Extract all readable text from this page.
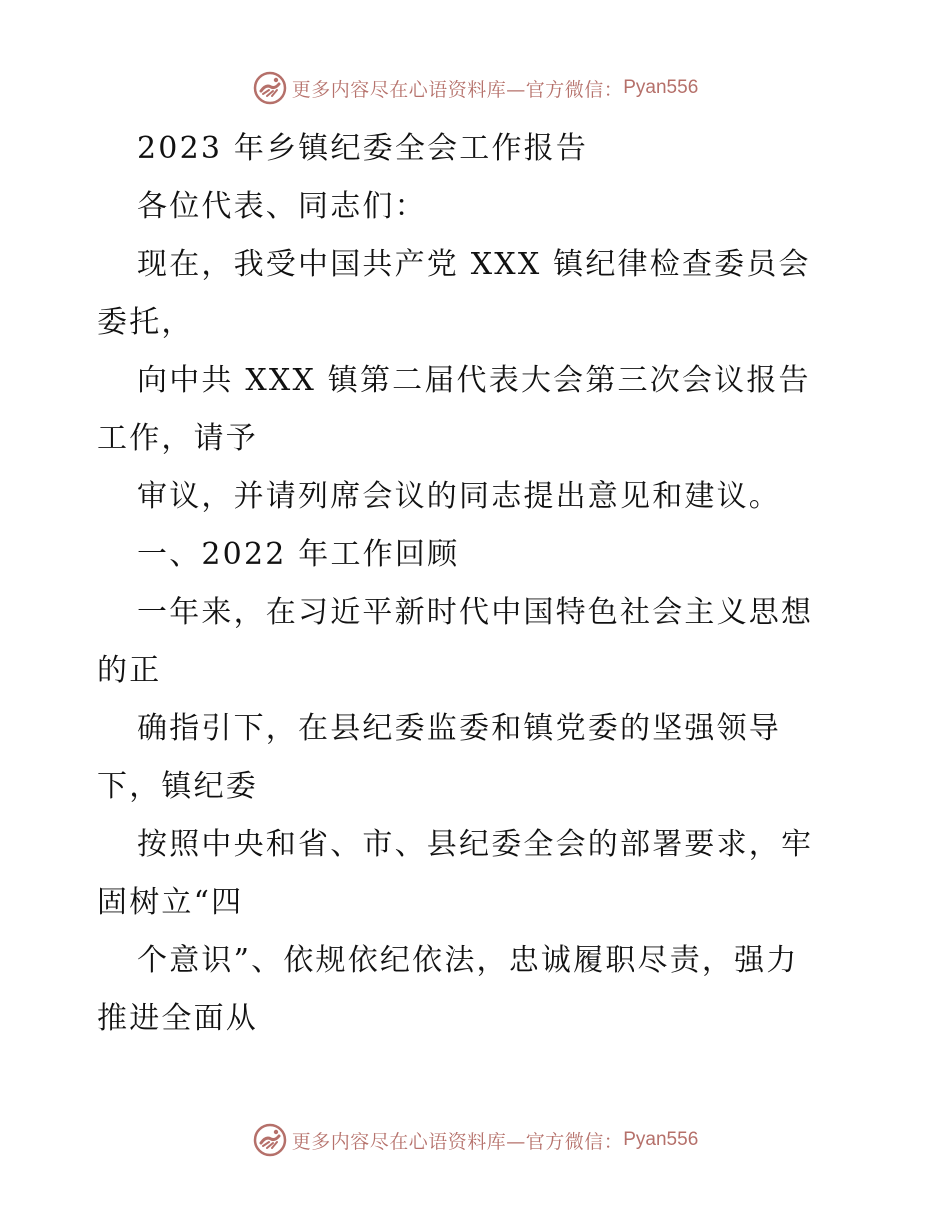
更多内容尽在心语资料库—官方微信： Pyan556
2023 年乡镇纪委全会工作报告
各位代表、同志们：
现在，我受中国共产党 XXX 镇纪律检查委员会
委托，
向中共 XXX 镇第二届代表大会第三次会议报告
工作，请予
审议，并请列席会议的同志提出意见和建议。
一、2022 年工作回顾
一年来，在习近平新时代中国特色社会主义思想
的正
确指引下，在县纪委监委和镇党委的坚强领导
下，镇纪委
按照中央和省、市、县纪委全会的部署要求，牢
固树立“四
个意识”、依规依纪依法，忠诚履职尽责，强力
推进全面从
更多内容尽在心语资料库—官方微信： Pyan556
